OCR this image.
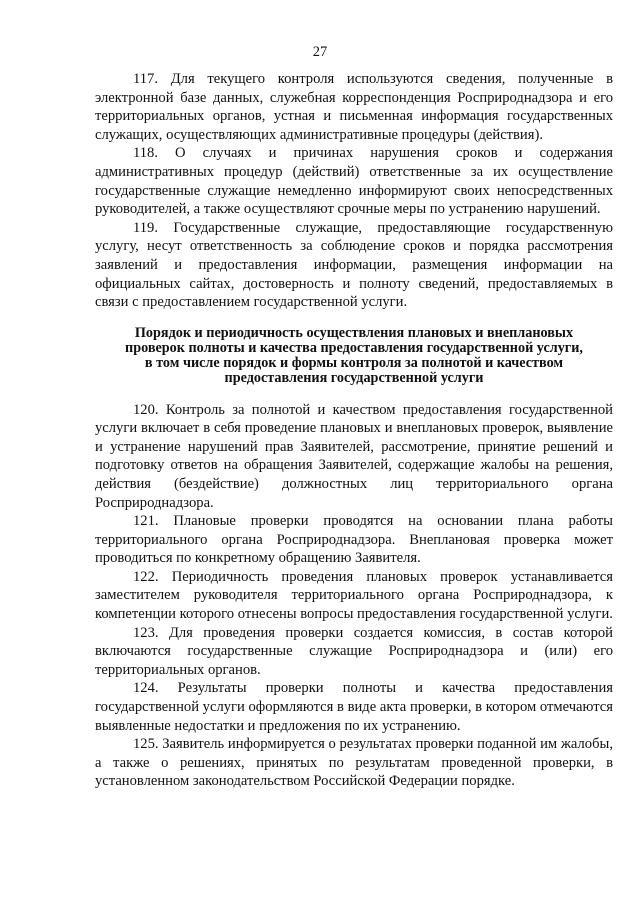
27

117. Для текущего контроля используются сведения, полученные в электронной базе данных, служебная корреспонденция Росприроднадзора и его территориальных органов, устная и письменная информация государственных служащих, осуществляющих административные процедуры (действия).

118. О случаях и причинах нарушения сроков и содержания административных процедур (действий) ответственные за их осуществление государственные служащие немедленно информируют своих непосредственных руководителей, а также осуществляют срочные меры по устранению нарушений.

119. Государственные служащие, предоставляющие государственную услугу, несут ответственность за соблюдение сроков и порядка рассмотрения заявлений и предоставления информации, размещения информации на официальных сайтах, достоверность и полноту сведений, предоставляемых в связи с предоставлением государственной услуги.

Порядок и периодичность осуществления плановых и внеплановых проверок полноты и качества предоставления государственной услуги, в том числе порядок и формы контроля за полнотой и качеством предоставления государственной услуги

120. Контроль за полнотой и качеством предоставления государственной услуги включает в себя проведение плановых и внеплановых проверок, выявление и устранение нарушений прав Заявителей, рассмотрение, принятие решений и подготовку ответов на обращения Заявителей, содержащие жалобы на решения, действия (бездействие) должностных лиц территориального органа Росприроднадзора.

121. Плановые проверки проводятся на основании плана работы территориального органа Росприроднадзора. Внеплановая проверка может проводиться по конкретному обращению Заявителя.

122. Периодичность проведения плановых проверок устанавливается заместителем руководителя территориального органа Росприроднадзора, к компетенции которого отнесены вопросы предоставления государственной услуги.

123. Для проведения проверки создается комиссия, в состав которой включаются государственные служащие Росприроднадзора и (или) его территориальных органов.

124. Результаты проверки полноты и качества предоставления государственной услуги оформляются в виде акта проверки, в котором отмечаются выявленные недостатки и предложения по их устранению.

125. Заявитель информируется о результатах проверки поданной им жалобы, а также о решениях, принятых по результатам проведенной проверки, в установленном законодательством Российской Федерации порядке.
